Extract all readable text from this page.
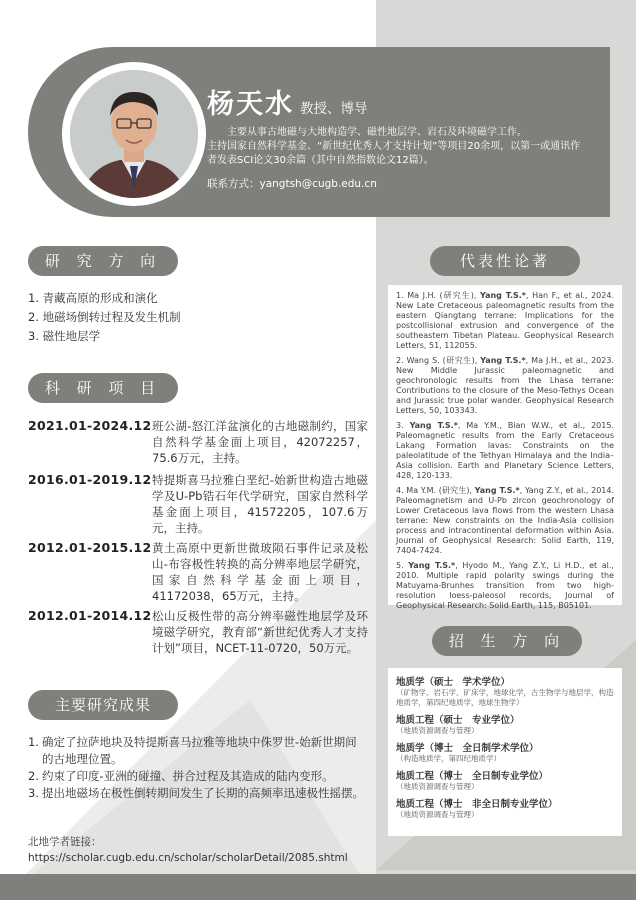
杨天水 教授、博导

主要从事古地磁与大地构造学、磁性地层学、岩石及环境磁学工作。

主持国家自然科学基金、“新世纪优秀人才支持计划”等项目20余项，以第一或通讯作者发表SCI论文30余篇（其中自然指数论文12篇）。
联系方式：yangtsh@cugb.edu.cn
研 究 方 向
1. 青藏高原的形成和演化
2. 地磁场倒转过程及发生机制
3. 磁性地层学
科 研 项 目
2021.01-2024.12 班公湖-怒江洋盆演化的古地磁制约，国家自然科学基金面上项目，42072257，75.6万元，主持。
2016.01-2019.12 特提斯喜马拉雅白垩纪-始新世构造古地磁学及U-Pb锆石年代学研究，国家自然科学基金面上项目，41572205，107.6万元，主持。
2012.01-2015.12 黄土高原中更新世微玻陨石事件记录及松山-布容极性转换的高分辨率地层学研究，国家自然科学基金面上项目，41172038，65万元，主持。
2012.01-2014.12 松山反极性带的高分辨率磁性地层学及环境磁学研究，教育部“新世纪优秀人才支持计划”项目，NCET-11-0720，50万元。
主要研究成果
1. 确定了拉萨地块及特提斯喜马拉雅等地块中侏罗世-始新世期间的古地理位置。
2. 约束了印度-亚洲的碰撞、拼合过程及其造成的陆内变形。
3. 提出地磁场在极性倒转期间发生了长期的高频率迅速极性摇摆。
北地学者链接：
https://scholar.cugb.edu.cn/scholar/scholarDetail/2085.shtml
代表性论著
1. Ma J.H. (研究生), Yang T.S.*, Han F., et al., 2024. New Late Cretaceous paleomagnetic results from the eastern Qiangtang terrane: Implications for the postcollisional extrusion and convergence of the southeastern Tibetan Plateau. Geophysical Research Letters, 51, 112055.
2. Wang S. (研究生), Yang T.S.*, Ma J.H., et al., 2023. New Middle Jurassic paleomagnetic and geochronologic results from the Lhasa terrane: Contributions to the closure of the Meso-Tethys Ocean and Jurassic true polar wander. Geophysical Research Letters, 50, 103343.
3. Yang T.S.*, Ma Y.M., Bian W.W., et al., 2015. Paleomagnetic results from the Early Cretaceous Lakang Formation lavas: Constraints on the paleolatitude of the Tethyan Himalaya and the India–Asia collision. Earth and Planetary Science Letters, 428, 120-133.
4. Ma Y.M. (研究生), Yang T.S.*, Yang Z.Y., et al., 2014. Paleomagnetism and U-Pb zircon geochronology of Lower Cretaceous lava flows from the western Lhasa terrane: New constraints on the India-Asia collision process and intracontinental deformation within Asia. Journal of Geophysical Research: Solid Earth, 119, 7404-7424.
5. Yang T.S.*, Hyodo M., Yang Z.Y., Li H.D., et al., 2010. Multiple rapid polarity swings during the Matuyama-Brunhes transition from two high-resolution loess-paleosol records, Journal of Geophysical Research: Solid Earth, 115, B05101.
招 生 方 向
地质学（硕士　学术学位）
（矿物学、岩石学、矿床学，地球化学，古生物学与地层学，构造地质学，第四纪地质学，地球生物学）
地质工程（硕士　专业学位）
（地质资源调查与管理）
地质学（博士　全日制学术学位）
（构造地质学，第四纪地质学）
地质工程（博士　全日制专业学位）
（地质资源调查与管理）
地质工程（博士　非全日制专业学位）
（地质资源调查与管理）
